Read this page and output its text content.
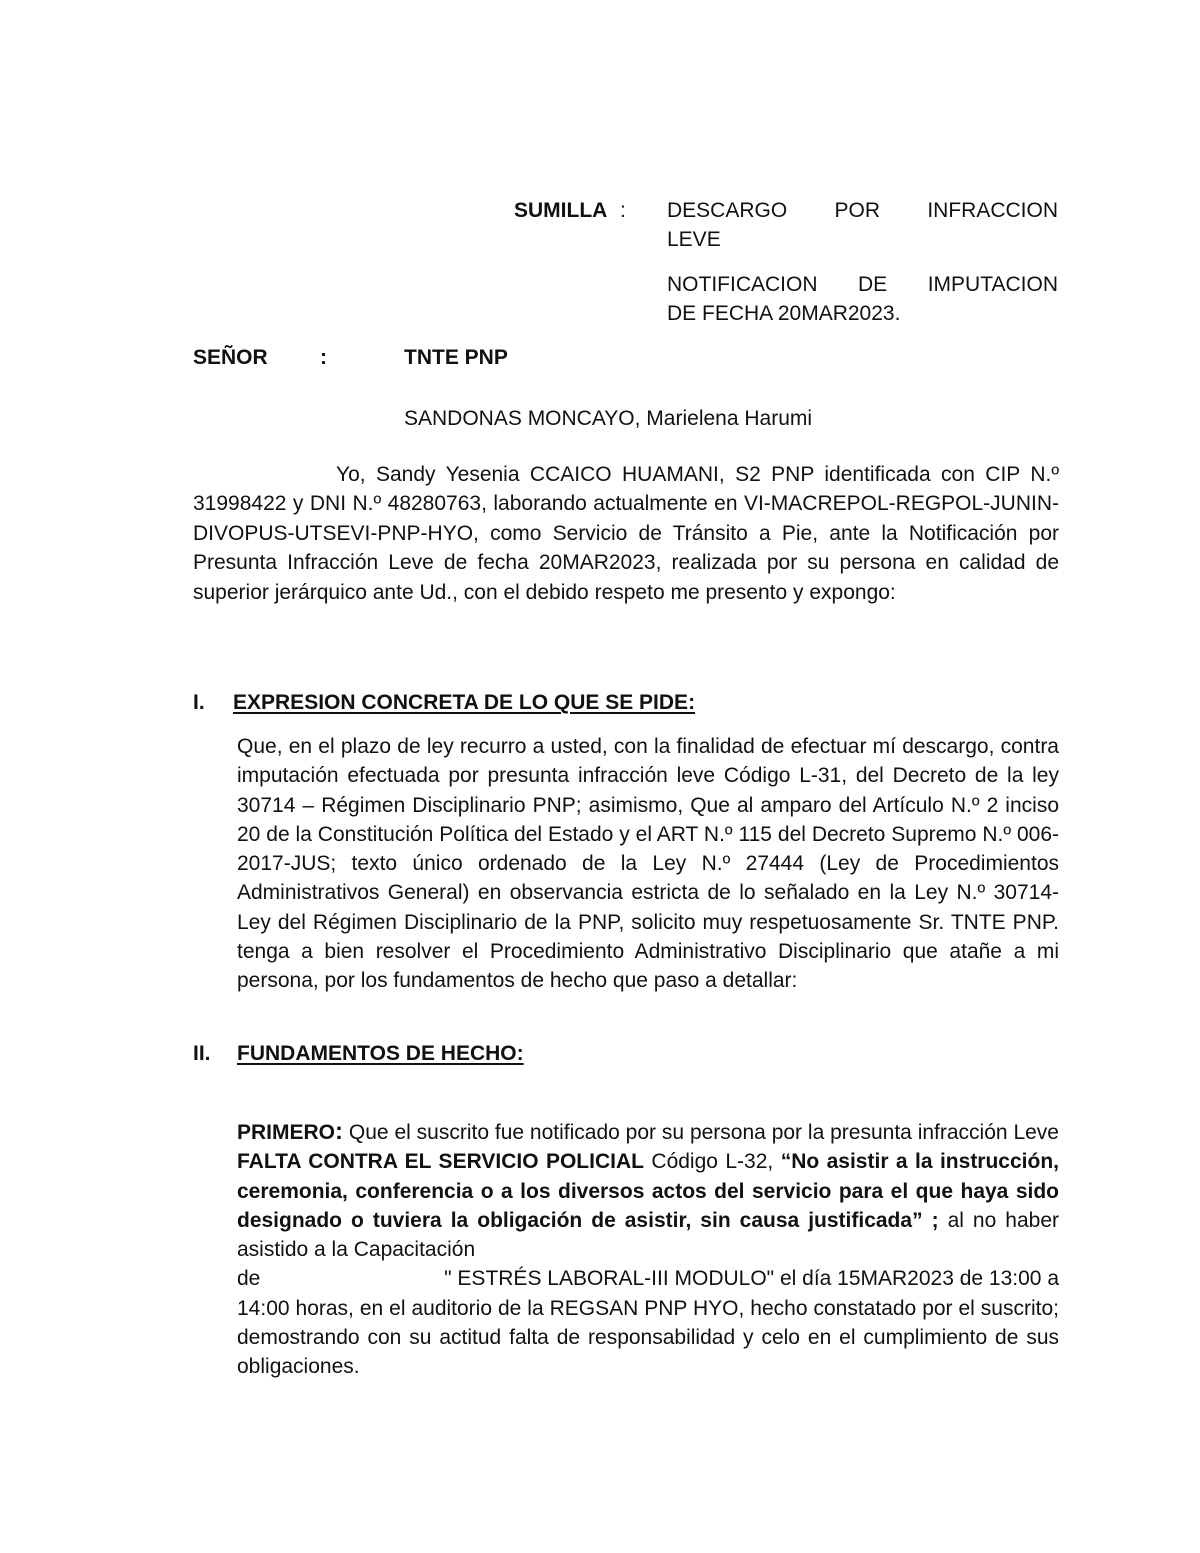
SUMILLA : DESCARGO POR INFRACCION
LEVE
NOTIFICACION DE IMPUTACION
DE FECHA 20MAR2023.
SEÑOR :	TNTE PNP
SANDONAS MONCAYO, Marielena Harumi
Yo, Sandy Yesenia CCAICO HUAMANI, S2 PNP identificada con CIP N.º 31998422 y DNI N.º 48280763, laborando actualmente en VI-MACREPOL-REGPOL-JUNIN-DIVOPUS-UTSEVI-PNP-HYO, como Servicio de Tránsito a Pie, ante la Notificación por Presunta Infracción Leve de fecha 20MAR2023, realizada por su persona en calidad de superior jerárquico ante Ud., con el debido respeto me presento y expongo:
I. EXPRESION CONCRETA DE LO QUE SE PIDE:
Que, en el plazo de ley recurro a usted, con la finalidad de efectuar mí descargo, contra imputación efectuada por presunta infracción leve Código L-31, del Decreto de la ley 30714 – Régimen Disciplinario PNP; asimismo, Que al amparo del Artículo N.º 2 inciso 20 de la Constitución Política del Estado y el ART N.º 115 del Decreto Supremo N.º 006-2017-JUS; texto único ordenado de la Ley N.º 27444 (Ley de Procedimientos Administrativos General) en observancia estricta de lo señalado en la Ley N.º 30714- Ley del Régimen Disciplinario de la PNP, solicito muy respetuosamente Sr. TNTE PNP. tenga a bien resolver el Procedimiento Administrativo Disciplinario que atañe a mi persona, por los fundamentos de hecho que paso a detallar:
II. FUNDAMENTOS DE HECHO:
PRIMERO: Que el suscrito fue notificado por su persona por la presunta infracción Leve FALTA CONTRA EL SERVICIO POLICIAL Código L-32, “No asistir a la instrucción, ceremonia, conferencia o a los diversos actos del servicio para el que haya sido designado o tuviera la obligación de asistir, sin causa justificada” ; al no haber asistido a la Capacitación
de	" ESTRÉS LABORAL-III MODULO" el día 15MAR2023 de 13:00 a
14:00 horas, en el auditorio de la REGSAN PNP HYO, hecho constatado por el suscrito; demostrando con su actitud falta de responsabilidad y celo en el cumplimiento de sus obligaciones.
